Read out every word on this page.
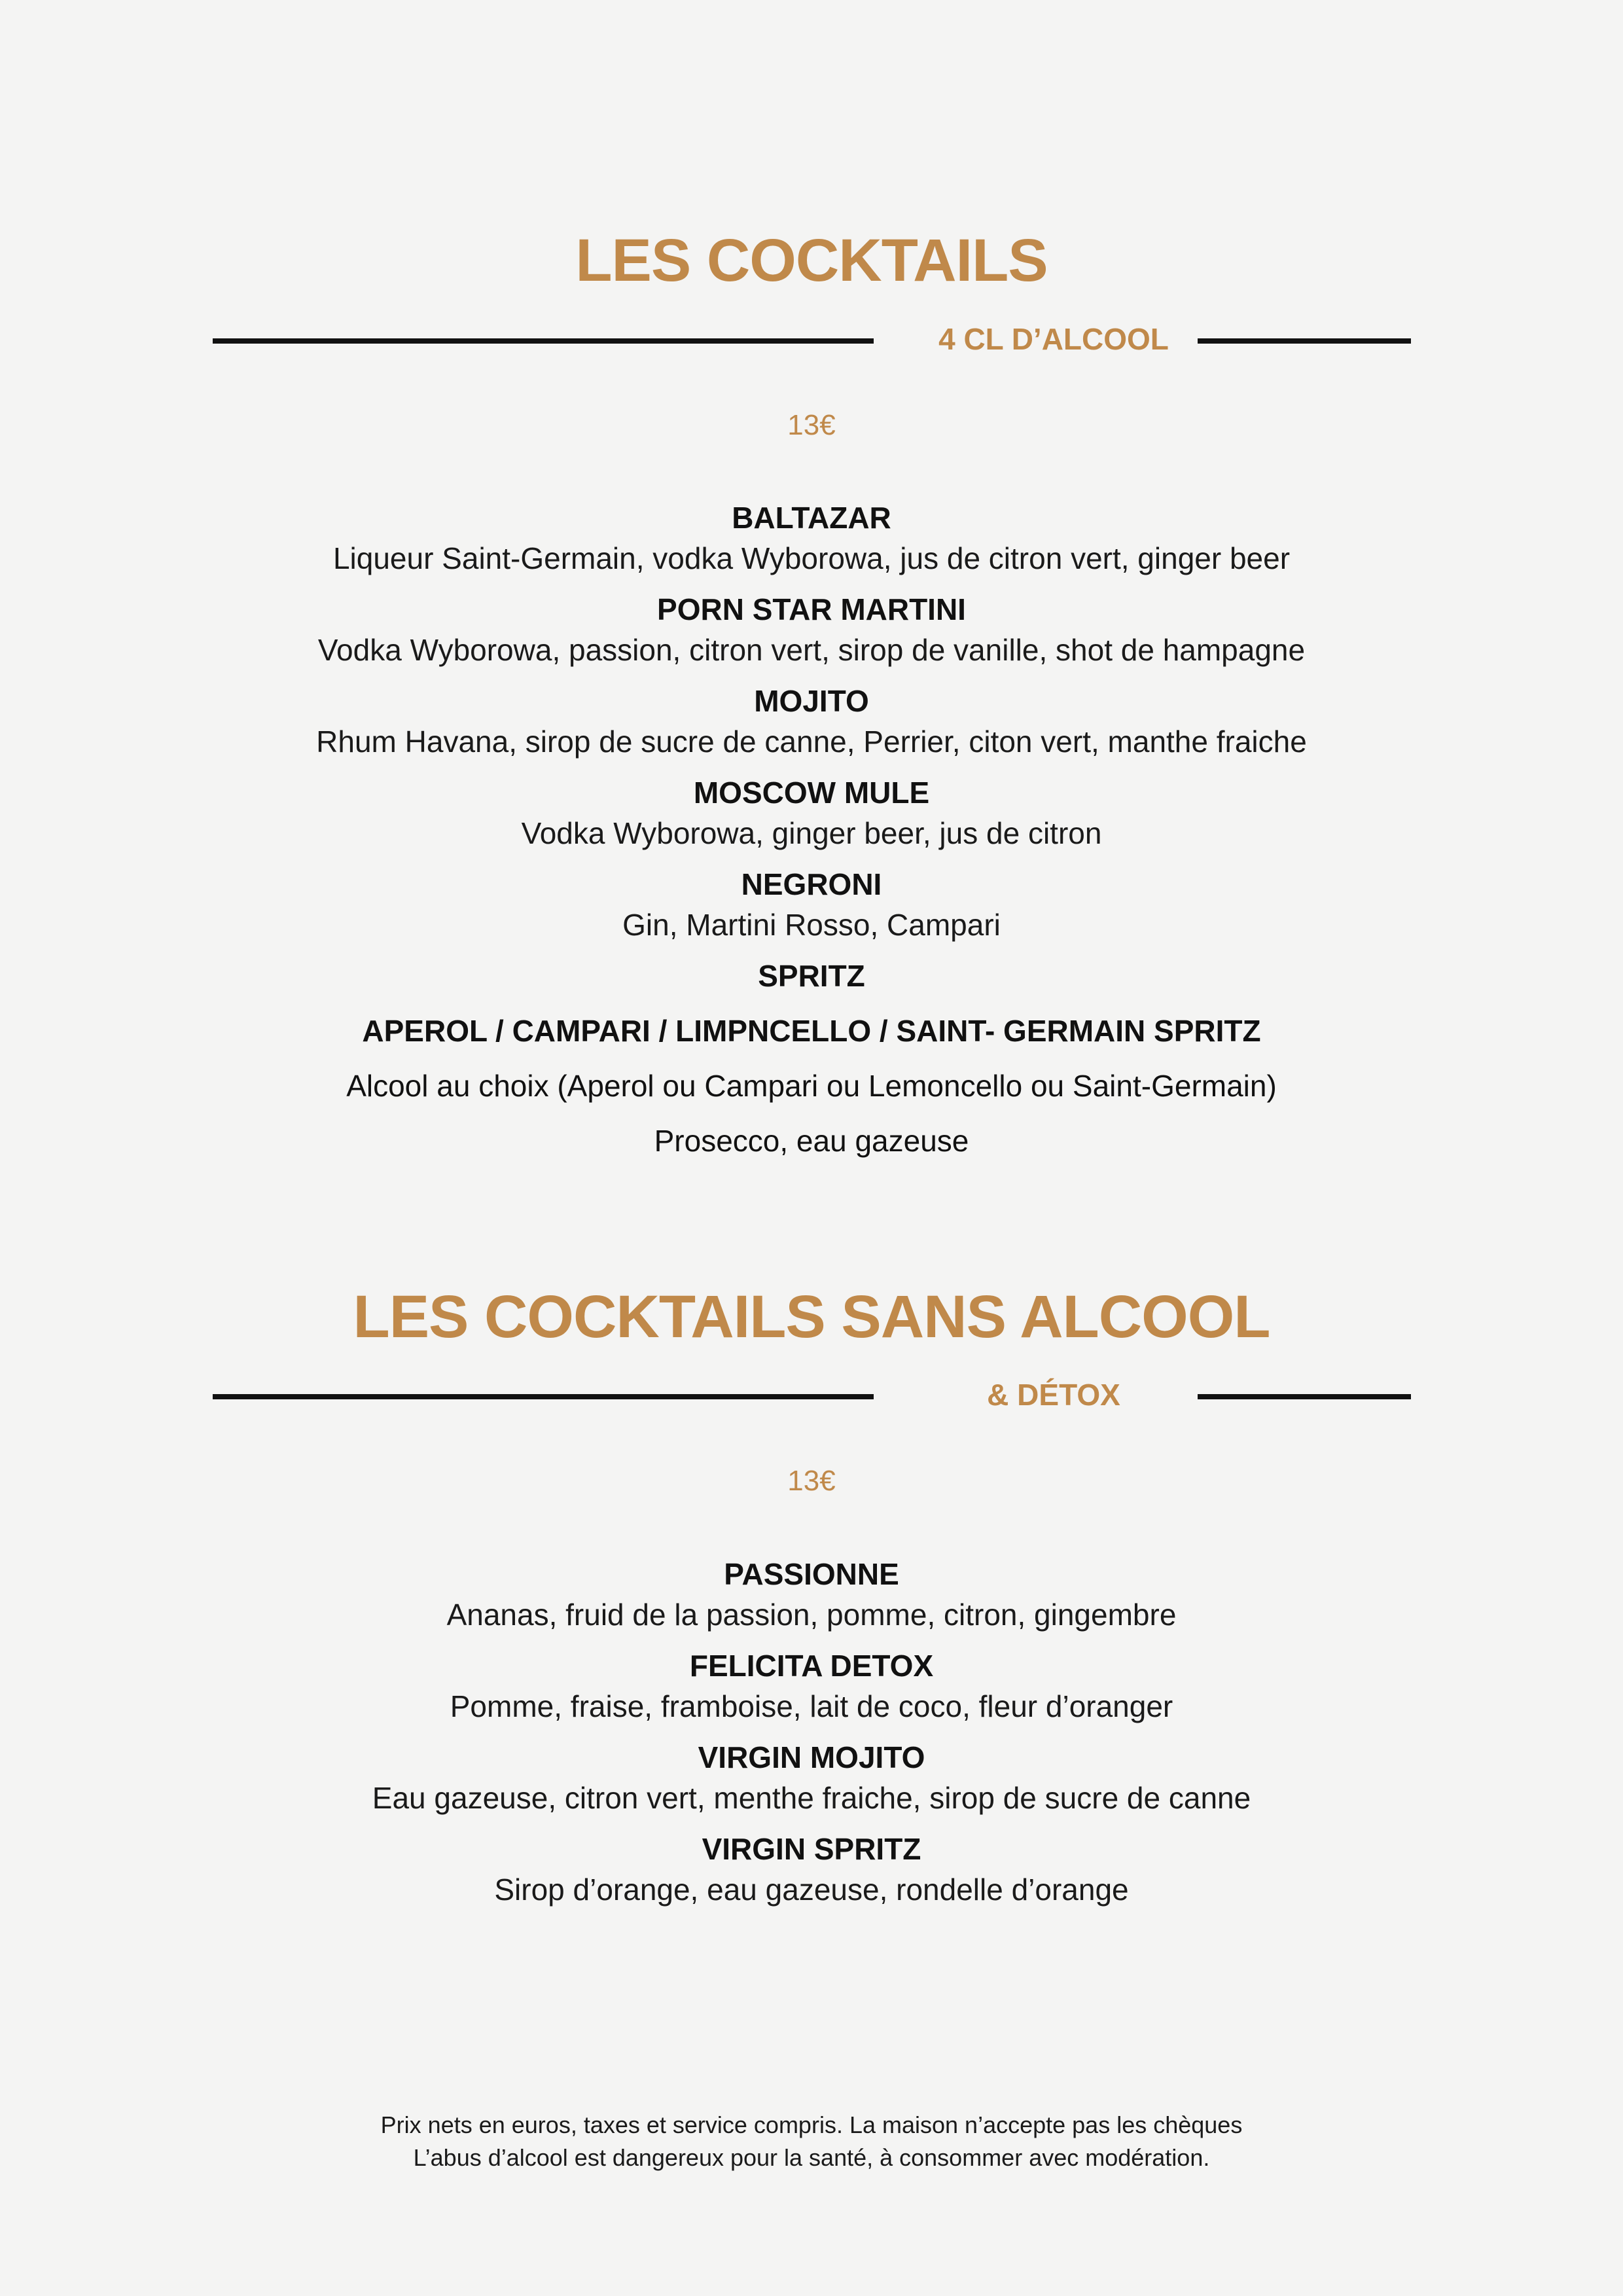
LES COCKTAILS
4 CL D’ALCOOL
13€
BALTAZAR
Liqueur Saint-Germain, vodka Wyborowa, jus de citron vert, ginger beer
PORN STAR MARTINI
Vodka Wyborowa, passion, citron vert, sirop de vanille, shot de hampagne
MOJITO
Rhum Havana, sirop de sucre de canne, Perrier, citon vert, manthe fraiche
MOSCOW MULE
Vodka Wyborowa, ginger beer, jus de citron
NEGRONI
Gin, Martini Rosso, Campari
SPRITZ
APEROL / CAMPARI / LIMPNCELLO / SAINT- GERMAIN SPRITZ
Alcool au choix (Aperol ou Campari ou Lemoncello ou Saint-Germain)
Prosecco, eau gazeuse
LES COCKTAILS SANS ALCOOL
& DÉTOX
13€
PASSIONNE
Ananas, fruid de la passion, pomme, citron, gingembre
FELICITA DETOX
Pomme, fraise, framboise, lait de coco, fleur d’oranger
VIRGIN MOJITO
Eau gazeuse, citron vert, menthe fraiche, sirop de sucre de canne
VIRGIN SPRITZ
Sirop d’orange, eau gazeuse, rondelle d’orange
Prix nets en euros, taxes et service compris. La maison n’accepte pas les chèques
L’abus d’alcool est dangereux pour la santé, à consommer avec modération.
